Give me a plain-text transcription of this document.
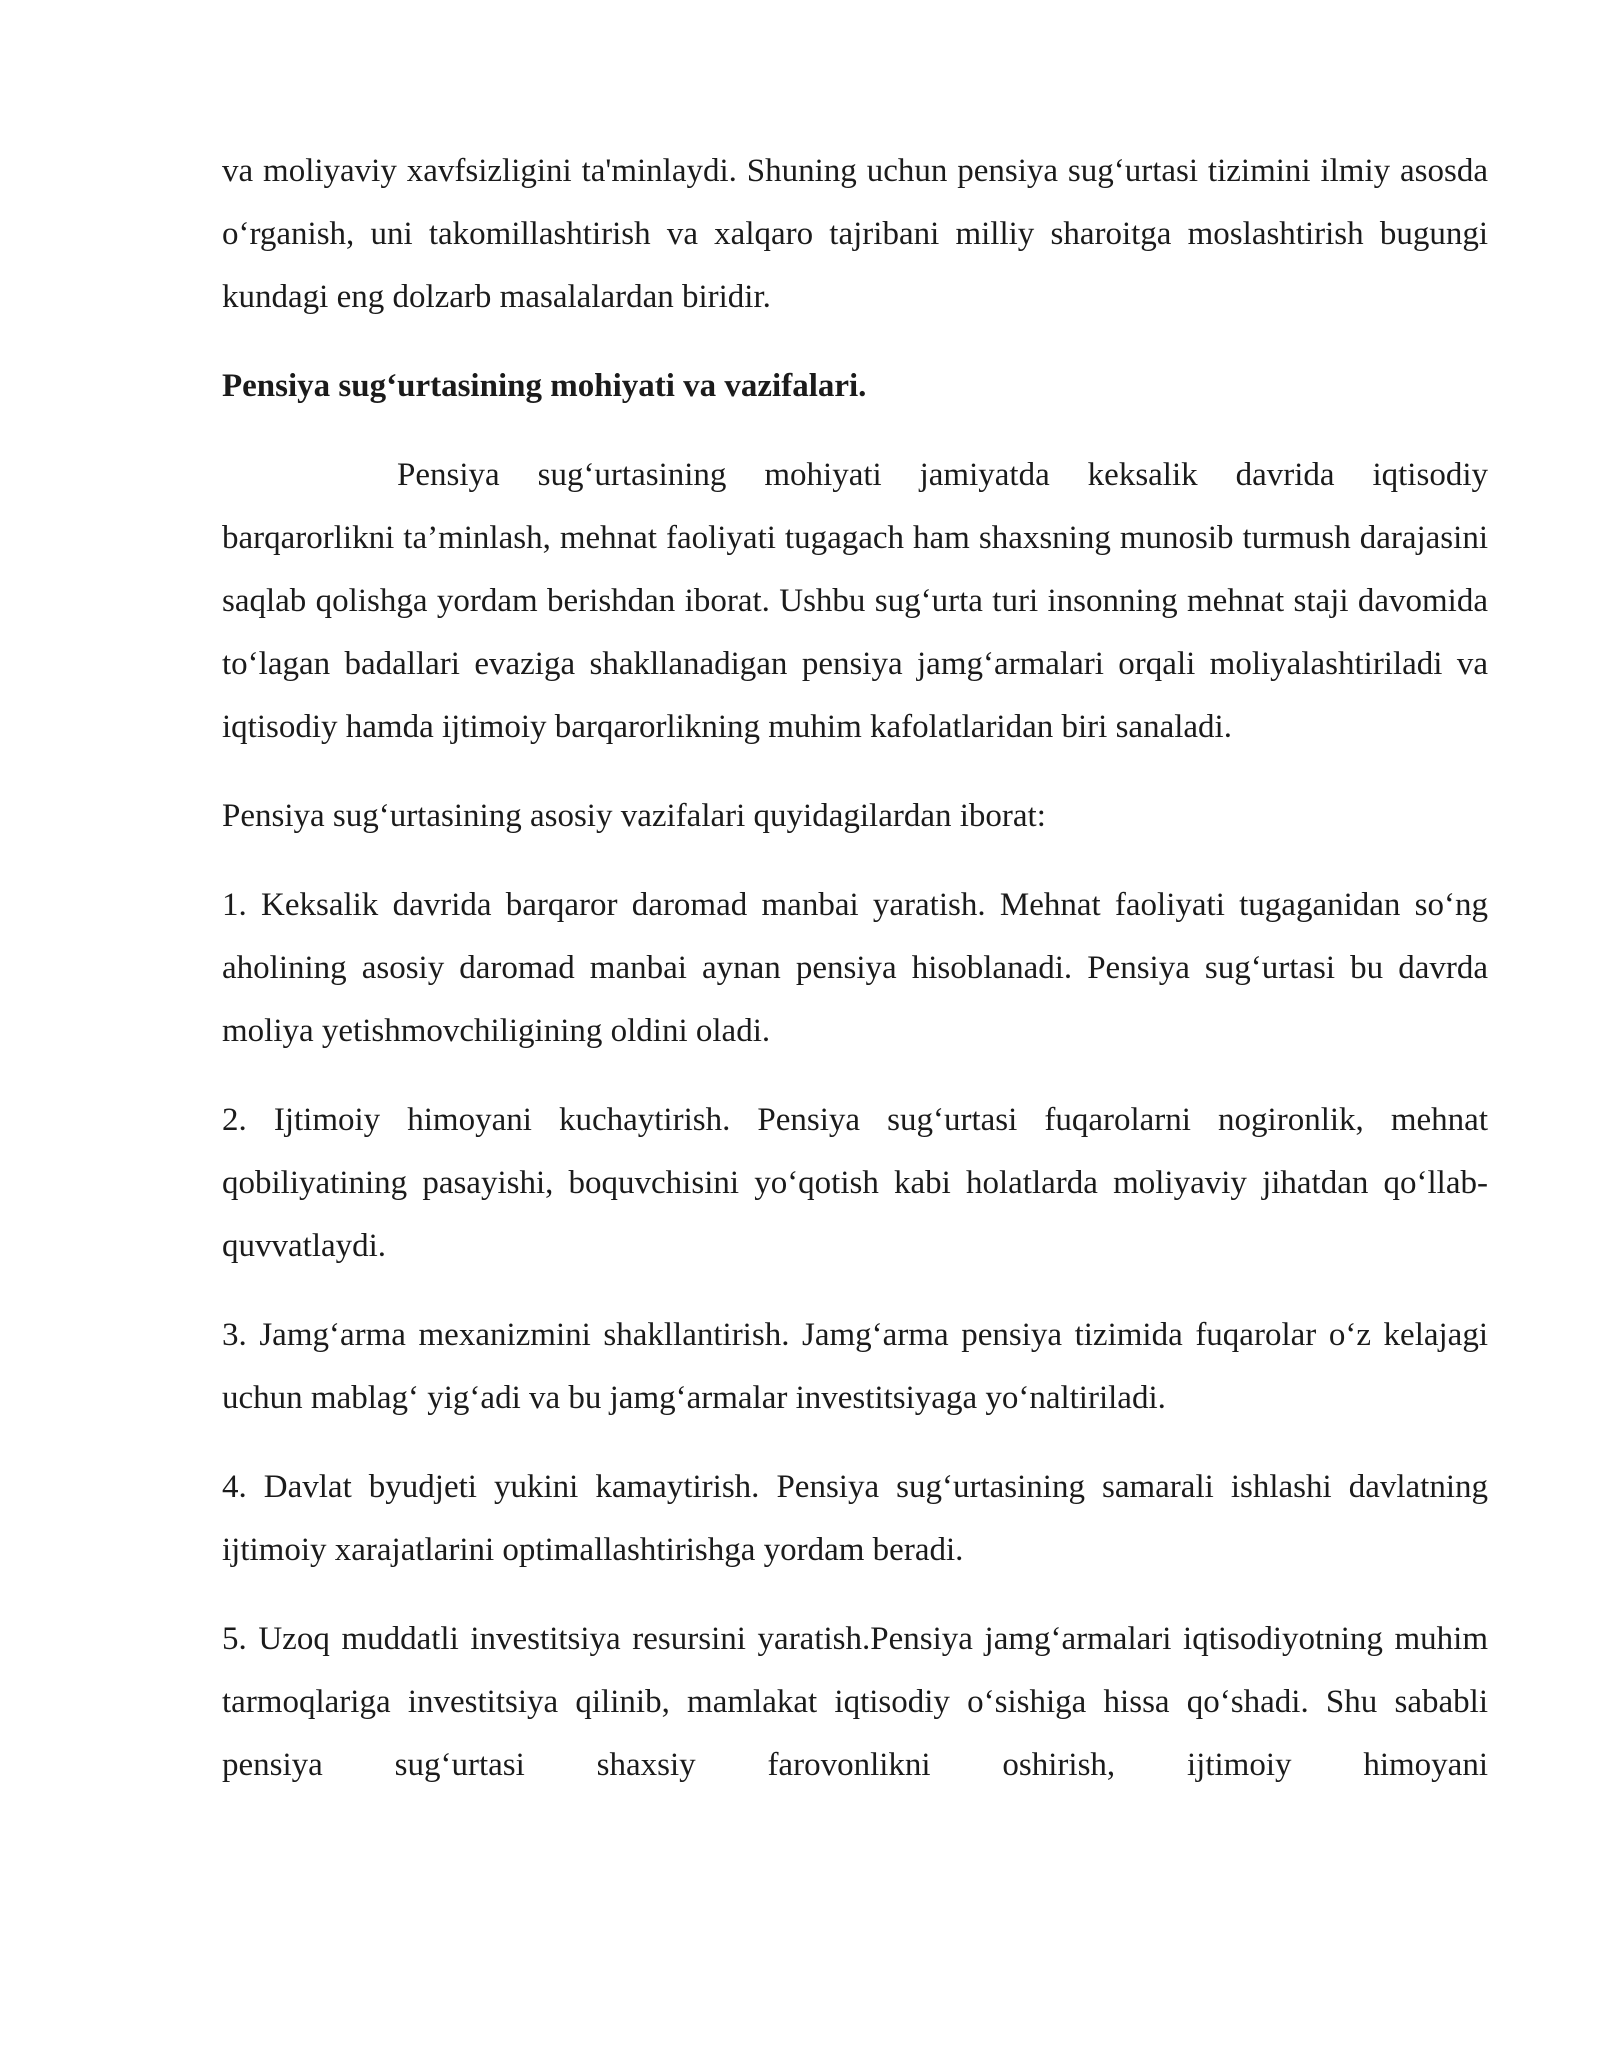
va moliyaviy xavfsizligini ta'minlaydi. Shuning uchun pensiya sug‘urtasi tizimini ilmiy asosda o‘rganish, uni takomillashtirish va xalqaro tajribani milliy sharoitga moslashtirish bugungi kundagi eng dolzarb masalalardan biridir.

Pensiya sug‘urtasining mohiyati va vazifalari.

Pensiya sug‘urtasining mohiyati jamiyatda keksalik davrida iqtisodiy barqarorlikni ta’minlash, mehnat faoliyati tugagach ham shaxsning munosib turmush darajasini saqlab qolishga yordam berishdan iborat. Ushbu sug‘urta turi insonning mehnat staji davomida to‘lagan badallari evaziga shakllanadigan pensiya jamg‘armalari orqali moliyalashtiriladi va iqtisodiy hamda ijtimoiy barqarorlikning muhim kafolatlaridan biri sanaladi.

Pensiya sug‘urtasining asosiy vazifalari quyidagilardan iborat:

1. Keksalik davrida barqaror daromad manbai yaratish. Mehnat faoliyati tugaganidan so‘ng aholining asosiy daromad manbai aynan pensiya hisoblanadi. Pensiya sug‘urtasi bu davrda moliya yetishmovchiligining oldini oladi.

2. Ijtimoiy himoyani kuchaytirish. Pensiya sug‘urtasi fuqarolarni nogironlik, mehnat qobiliyatining pasayishi, boquvchisini yo‘qotish kabi holatlarda moliyaviy jihatdan qo‘llab-quvvatlaydi.

3. Jamg‘arma mexanizmini shakllantirish. Jamg‘arma pensiya tizimida fuqarolar o‘z kelajagi uchun mablag‘ yig‘adi va bu jamg‘armalar investitsiyaga yo‘naltiriladi.

4. Davlat byudjeti yukini kamaytirish. Pensiya sug‘urtasining samarali ishlashi davlatning ijtimoiy xarajatlarini optimallashtirishga yordam beradi.

5. Uzoq muddatli investitsiya resursini yaratish.Pensiya jamg‘armalari iqtisodiyotning muhim tarmoqlariga investitsiya qilinib, mamlakat iqtisodiy o‘sishiga hissa qo‘shadi. Shu sababli pensiya sug‘urtasi shaxsiy farovonlikni oshirish, ijtimoiy himoyani
